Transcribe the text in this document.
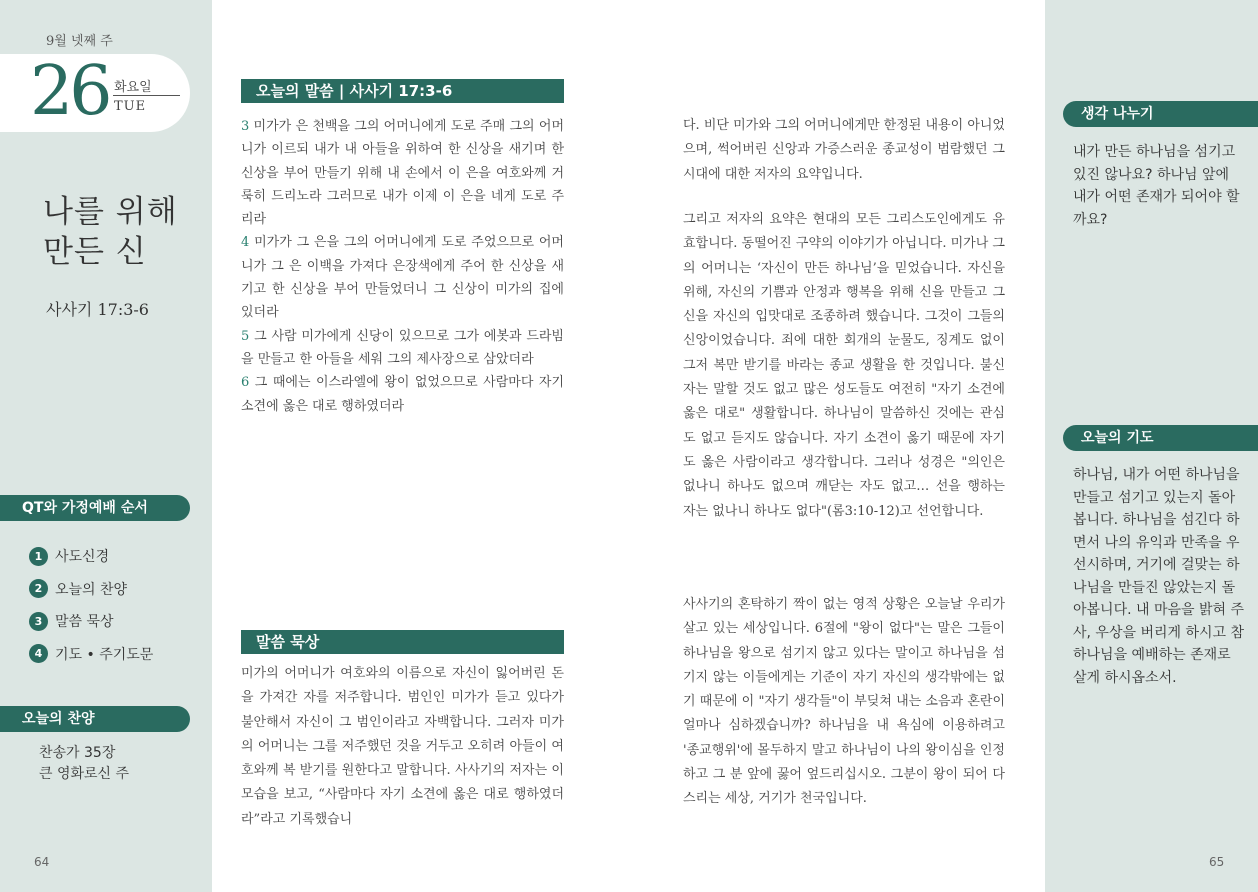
9월 넷째 주
26 화요일
TUE
나를 위해
만든 신
사사기 17:3-6
QT와 가정예배 순서
1 사도신경
2 오늘의 찬양
3 말씀 묵상
4 기도 • 주기도문
오늘의 찬양
찬송가 35장
큰 영화로신 주
64
오늘의 말씀 | 사사기 17:3-6
3 미가가 은 천백을 그의 어머니에게 도로 주매 그의 어머니가 이르되 내가 내 아들을 위하여 한 신상을 새기며 한 신상을 부어 만들기 위해 내 손에서 이 은을 여호와께 거룩히 드리노라 그러므로 내가 이제 이 은을 네게 도로 주리라
4 미가가 그 은을 그의 어머니에게 도로 주었으므로 어머니가 그 은 이백을 가져다 은장색에게 주어 한 신상을 새기고 한 신상을 부어 만들었더니 그 신상이 미가의 집에 있더라
5 그 사람 미가에게 신당이 있으므로 그가 에봇과 드라빔을 만들고 한 아들을 세워 그의 제사장으로 삼았더라
6 그 때에는 이스라엘에 왕이 없었으므로 사람마다 자기 소견에 옳은 대로 행하였더라
말씀 묵상
미가의 어머니가 여호와의 이름으로 자신이 잃어버린 돈을 가져간 자를 저주합니다. 범인인 미가가 듣고 있다가 불안해서 자신이 그 범인이라고 자백합니다. 그러자 미가의 어머니는 그를 저주했던 것을 거두고 오히려 아들이 여호와께 복 받기를 원한다고 말합니다. 사사기의 저자는 이 모습을 보고, “사람마다 자기 소견에 옳은 대로 행하였더라”라고 기록했습니
다. 비단 미가와 그의 어머니에게만 한정된 내용이 아니었으며, 썩어버린 신앙과 가증스러운 종교성이 범람했던 그 시대에 대한 저자의 요약입니다.
그리고 저자의 요약은 현대의 모든 그리스도인에게도 유효합니다. 동떨어진 구약의 이야기가 아닙니다. 미가나 그의 어머니는 ‘자신이 만든 하나님’을 믿었습니다. 자신을 위해, 자신의 기쁨과 안정과 행복을 위해 신을 만들고 그 신을 자신의 입맛대로 조종하려 했습니다. 그것이 그들의 신앙이었습니다. 죄에 대한 회개의 눈물도, 징계도 없이 그저 복만 받기를 바라는 종교 생활을 한 것입니다. 불신자는 말할 것도 없고 많은 성도들도 여전히 "자기 소견에 옳은 대로" 생활합니다. 하나님이 말씀하신 것에는 관심도 없고 듣지도 않습니다. 자기 소견이 옳기 때문에 자기도 옳은 사람이라고 생각합니다. 그러나 성경은 "의인은 없나니 하나도 없으며 깨닫는 자도 없고… 선을 행하는 자는 없나니 하나도 없다"(롬3:10-12)고 선언합니다.
사사기의 혼탁하기 짝이 없는 영적 상황은 오늘날 우리가 살고 있는 세상입니다. 6절에 "왕이 없다"는 말은 그들이 하나님을 왕으로 섬기지 않고 있다는 말이고 하나님을 섬기지 않는 이들에게는 기준이 자기 자신의 생각밖에는 없기 때문에 이 "자기 생각들"이 부딪쳐 내는 소음과 혼란이 얼마나 심하겠습니까? 하나님을 내 욕심에 이용하려고 '종교행위'에 몰두하지 말고 하나님이 나의 왕이심을 인정하고 그 분 앞에 꿇어 엎드리십시오. 그분이 왕이 되어 다스리는 세상, 거기가 천국입니다.
생각 나누기
내가 만든 하나님을 섬기고 있진 않나요? 하나님 앞에 내가 어떤 존재가 되어야 할까요?
오늘의 기도
하나님, 내가 어떤 하나님을 만들고 섬기고 있는지 돌아봅니다. 하나님을 섬긴다 하면서 나의 유익과 만족을 우선시하며, 거기에 걸맞는 하나님을 만들진 않았는지 돌아봅니다. 내 마음을 밝혀 주사, 우상을 버리게 하시고 참 하나님을 예배하는 존재로 살게 하시옵소서.
65
